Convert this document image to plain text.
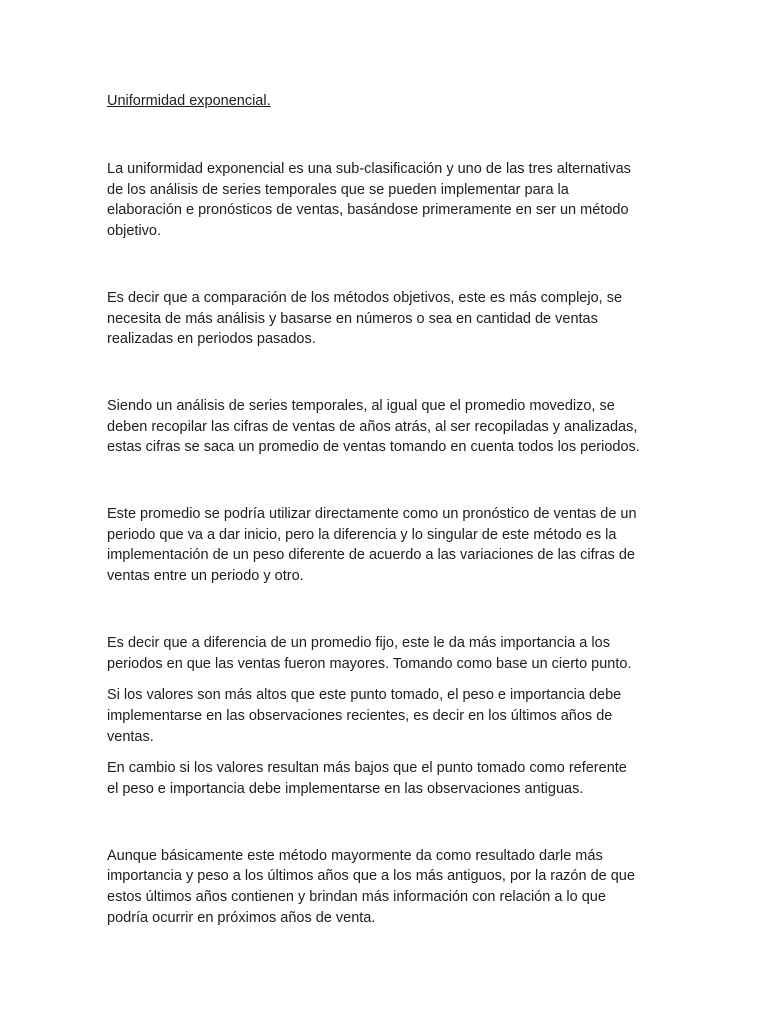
Uniformidad exponencial.

La uniformidad exponencial es una sub-clasificación y uno de las tres alternativas
de los análisis de series temporales que se pueden implementar para la
elaboración e pronósticos de ventas, basándose primeramente en ser un método
objetivo.

Es decir que a comparación de los métodos objetivos, este es más complejo, se
necesita de más análisis y basarse en números o sea en cantidad de ventas
realizadas en periodos pasados.

Siendo un análisis de series temporales, al igual que el promedio movedizo, se
deben recopilar las cifras de ventas de años atrás, al ser recopiladas y analizadas,
estas cifras se saca un promedio de ventas tomando en cuenta todos los periodos.

Este promedio se podría utilizar directamente como un pronóstico de ventas de un
periodo que va a dar inicio, pero la diferencia y lo singular de este método es la
implementación de un peso diferente de acuerdo a las variaciones de las cifras de
ventas entre un periodo y otro.

Es decir que a diferencia de un promedio fijo, este le da más importancia a los
periodos en que las ventas fueron mayores. Tomando como base un cierto punto.

Si los valores son más altos que este punto tomado, el peso e importancia debe
implementarse en las observaciones recientes, es decir en los últimos años de
ventas.

En cambio si los valores resultan más bajos que el punto tomado como referente
el peso e importancia debe implementarse en las observaciones antiguas.

Aunque básicamente este método mayormente da como resultado darle más
importancia y peso a los últimos años que a los más antiguos, por la razón de que
estos últimos años contienen y brindan más información con relación a lo que
podría ocurrir en próximos años de venta.
